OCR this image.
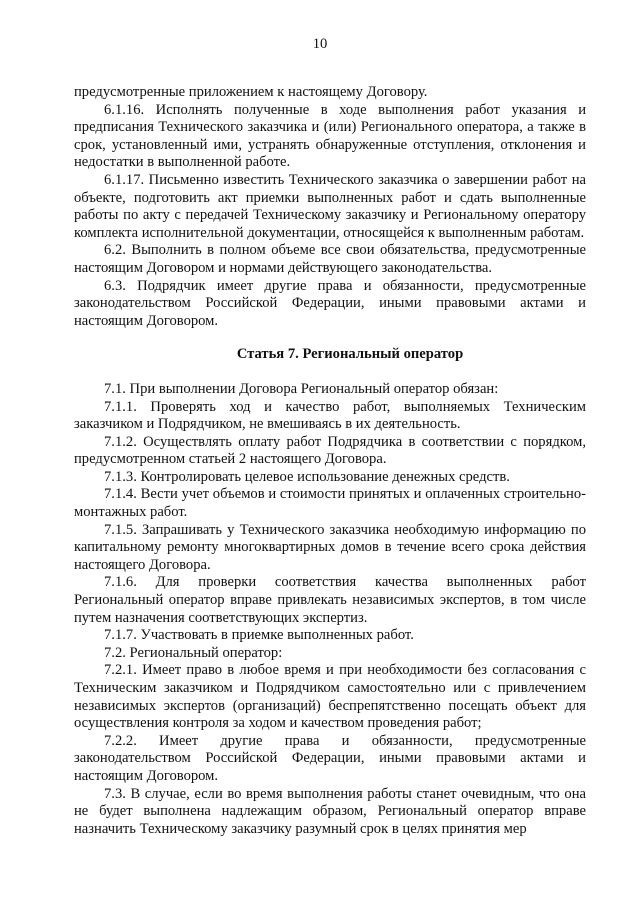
10

предусмотренные приложением к настоящему Договору.

6.1.16. Исполнять полученные в ходе выполнения работ указания и предписания Технического заказчика и (или) Регионального оператора, а также в срок, установленный ими, устранять обнаруженные отступления, отклонения и недостатки в выполненной работе.

6.1.17. Письменно известить Технического заказчика о завершении работ на объекте, подготовить акт приемки выполненных работ и сдать выполненные работы по акту с передачей Техническому заказчику и Региональному оператору комплекта исполнительной документации, относящейся к выполненным работам.

6.2. Выполнить в полном объеме все свои обязательства, предусмотренные настоящим Договором и нормами действующего законодательства.

6.3. Подрядчик имеет другие права и обязанности, предусмотренные законодательством Российской Федерации, иными правовыми актами и настоящим Договором.

Статья 7. Региональный оператор

7.1. При выполнении Договора Региональный оператор обязан:

7.1.1. Проверять ход и качество работ, выполняемых Техническим заказчиком и Подрядчиком, не вмешиваясь в их деятельность.

7.1.2. Осуществлять оплату работ Подрядчика в соответствии с порядком, предусмотренном статьей 2 настоящего Договора.

7.1.3. Контролировать целевое использование денежных средств.

7.1.4. Вести учет объемов и стоимости принятых и оплаченных строительно-монтажных работ.

7.1.5. Запрашивать у Технического заказчика необходимую информацию по капитальному ремонту многоквартирных домов в течение всего срока действия настоящего Договора.

7.1.6. Для проверки соответствия качества выполненных работ Региональный оператор вправе привлекать независимых экспертов, в том числе путем назначения соответствующих экспертиз.

7.1.7. Участвовать в приемке выполненных работ.

7.2. Региональный оператор:

7.2.1. Имеет право в любое время и при необходимости без согласования с Техническим заказчиком и Подрядчиком самостоятельно или с привлечением независимых экспертов (организаций) беспрепятственно посещать объект для осуществления контроля за ходом и качеством проведения работ;

7.2.2. Имеет другие права и обязанности, предусмотренные законодательством Российской Федерации, иными правовыми актами и настоящим Договором.

7.3. В случае, если во время выполнения работы станет очевидным, что она не будет выполнена надлежащим образом, Региональный оператор вправе назначить Техническому заказчику разумный срок в целях принятия мер
